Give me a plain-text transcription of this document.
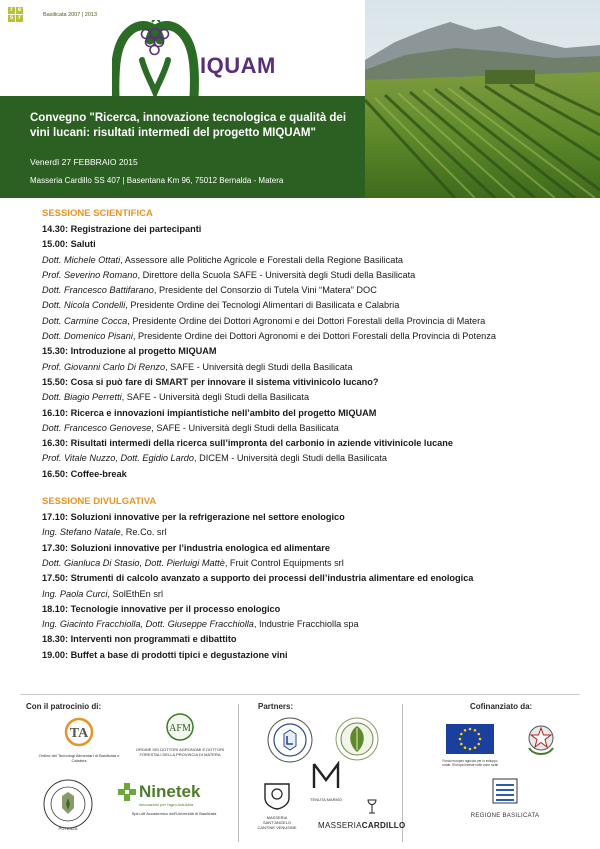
r e
s r
Basilicata 2007 | 2013
IQUAM
Convegno "Ricerca, innovazione tecnologica e qualità dei vini lucani: risultati intermedi del progetto MIQUAM"
Venerdì 27 FEBBRAIO 2015
Masseria Cardillo SS 407 | Basentana Km 96, 75012 Bernalda - Matera
SESSIONE SCIENTIFICA
14.30: Registrazione dei partecipanti
15.00: Saluti
Dott. Michele Ottati, Assessore alle Politiche Agricole e Forestali della Regione Basilicata
Prof. Severino Romano, Direttore della Scuola SAFE - Università degli Studi della Basilicata
Dott. Francesco Battifarano, Presidente del Consorzio di Tutela Vini “Matera” DOC
Dott. Nicola Condelli, Presidente Ordine dei Tecnologi Alimentari di Basilicata e Calabria
Dott. Carmine Cocca, Presidente Ordine dei Dottori Agronomi e dei Dottori Forestali della Provincia di Matera
Dott. Domenico Pisani, Presidente Ordine dei Dottori Agronomi e dei Dottori Forestali della Provincia di Potenza
15.30: Introduzione al progetto MIQUAM
Prof. Giovanni Carlo Di Renzo, SAFE - Università degli Studi della Basilicata
15.50: Cosa si può fare di SMART per innovare il sistema vitivinicolo lucano?
Dott. Biagio Perretti, SAFE - Università degli Studi della Basilicata
16.10: Ricerca e innovazioni impiantistiche nell’ambito del progetto MIQUAM
Dott. Francesco Genovese, SAFE - Università degli Studi della Basilicata
16.30: Risultati intermedi della ricerca sull’impronta del carbonio in aziende vitivinicole lucane
Prof. Vitale Nuzzo, Dott. Egidio Lardo, DICEM - Università degli Studi della Basilicata
16.50: Coffee-break
SESSIONE DIVULGATIVA
17.10: Soluzioni innovative per la refrigerazione nel settore enologico
Ing. Stefano Natale, Re.Co. srl
17.30: Soluzioni innovative per l’industria enologica ed alimentare
Dott. Gianluca Di Stasio, Dott. Pierluigi Mattè, Fruit Control Equipments srl
17.50: Strumenti di calcolo avanzato a supporto dei processi dell’industria alimentare ed enologica
Ing. Paola Curci, SolEthEn srl
18.10: Tecnologie innovative per il processo enologico
Ing. Giacinto Fracchiolla, Dott. Giuseppe Fracchiolla, Industrie Fracchiolla spa
18.30: Interventi non programmati e dibattito
19.00: Buffet a base di prodotti tipici e degustazione vini
Con il patrocinio di:	Partners:	Cofinanziato da:
TA
Ordine dei Tecnologi Alimentari di Basilicata e Calabria
AFM
ORDINE DEI DOTTORI AGRONOMI E DOTTORI FORESTALI DELLA PROVINCIA DI MATERA
POTENZA
Ninetek
innovazioni per l'agro-industria
Spin-off Accademico dell'Università di Basilicata
MASSERIA SANT'ANGELO CANTINE VENUSINE
TENUTA MARMO
MASSERIACARDILLO
Fondo europeo agricolo per lo sviluppo rurale: l'Europa investe nelle zone rurali
REGIONE BASILICATA
